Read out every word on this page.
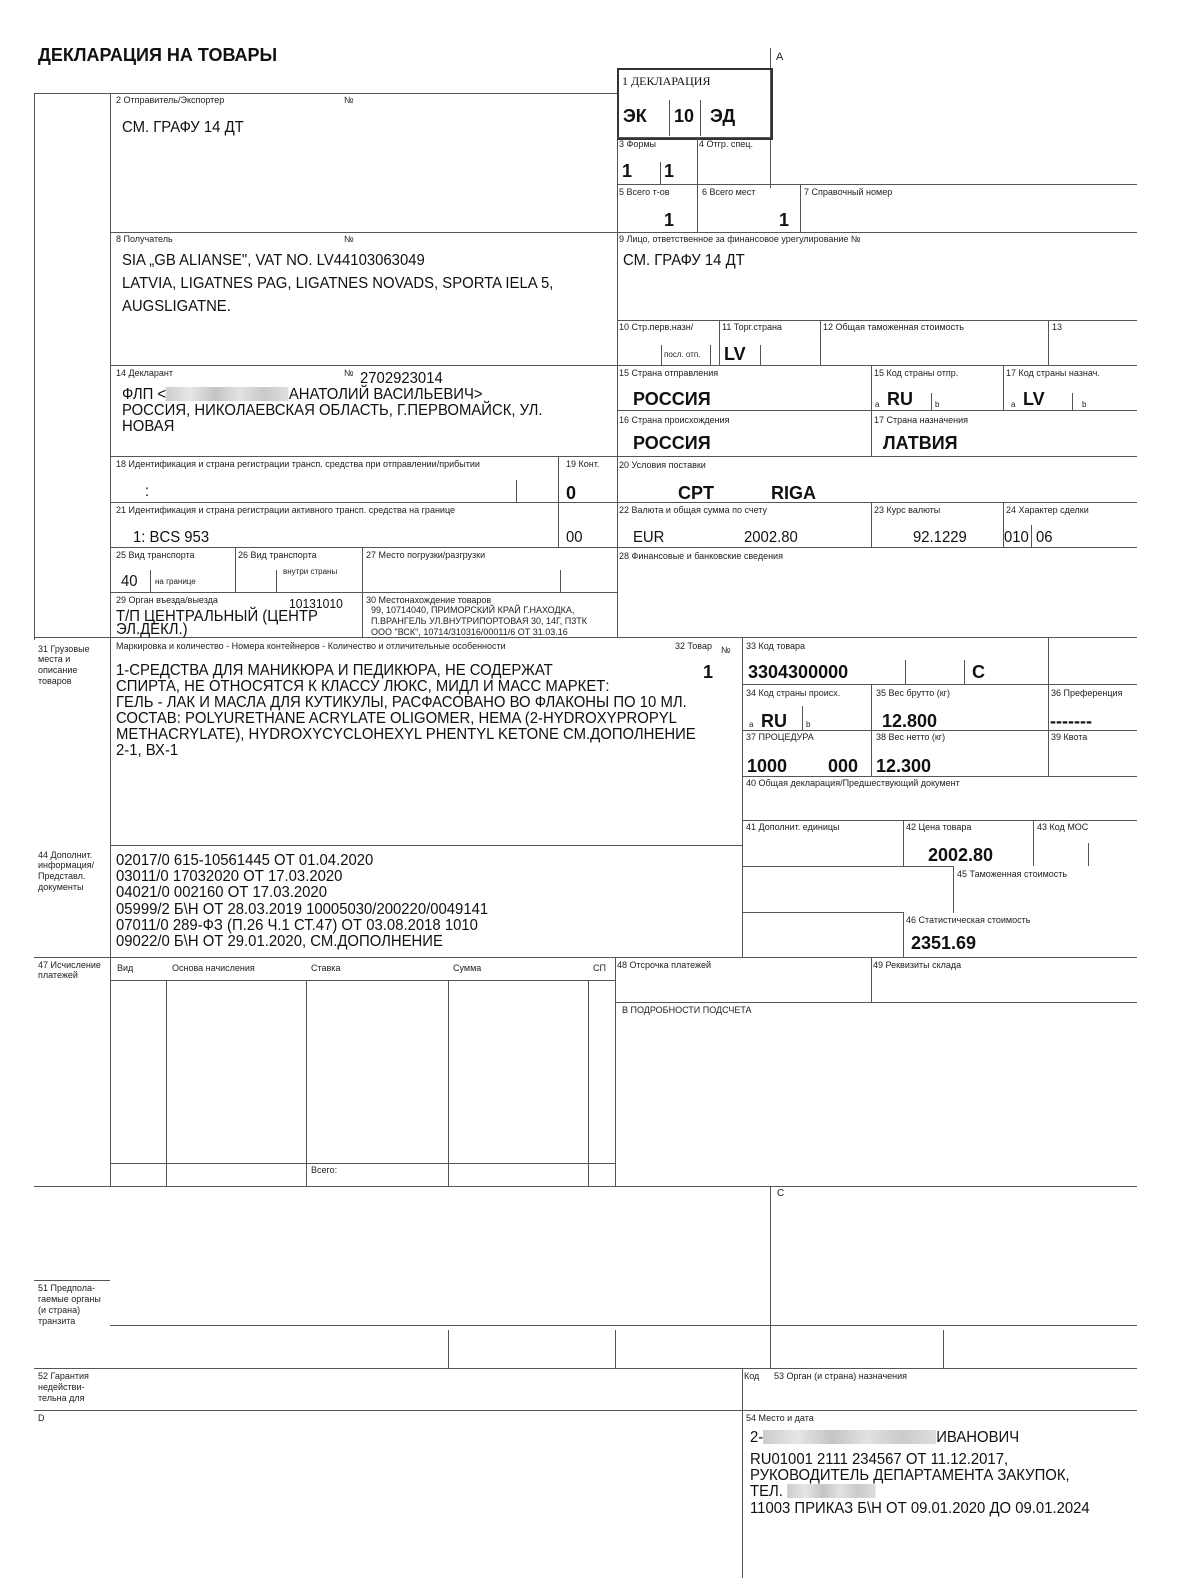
ДЕКЛАРАЦИЯ НА ТОВАРЫ	А
1 ДЕКЛАРАЦИЯ
ЭК 10 ЭД
3 Формы
1 1
4 Отгр. спец.
5 Всего т-ов
1
6 Всего мест
1
7 Справочный номер
2 Отправитель/Экспортер	№
СМ. ГРАФУ 14 ДТ
8 Получатель	№
SIA „GB ALIANSE", VAT NO. LV44103063049
LATVIA, LIGATNES PAG, LIGATNES NOVADS, SPORTA IELA 5,
AUGSLIGATNE.
9 Лицо, ответственное за финансовое урегулирование №
СМ. ГРАФУ 14 ДТ
10 Стр.перв.назн/
посл. отп.
11 Торг.страна
LV
12 Общая таможенная стоимость	13
14 Декларант	№ 2702923014
ФЛП <	АНАТОЛИЙ ВАСИЛЬЕВИЧ>
РОССИЯ, НИКОЛАЕВСКАЯ ОБЛАСТЬ, Г.ПЕРВОМАЙСК, УЛ.
НОВАЯ
15 Страна отправления
РОССИЯ
15 Код страны отпр.
a RU	b
17 Код страны назнач.
a LV	b
16 Страна происхождения
РОССИЯ
17 Страна назначения
ЛАТВИЯ
18 Идентификация и страна регистрации трансп. средства при отправлении/прибытии
:
19 Конт.
0
20 Условия поставки
CPT	RIGA
21 Идентификация и страна регистрации активного трансп. средства на границе
1: BCS 953	00
22 Валюта и общая сумма по счету
EUR	2002.80
23 Курс валюты
92.1229
24 Характер сделки
010 06
25 Вид транспорта
40 на границе
26 Вид транспорта
внутри страны
27 Место погрузки/разгрузки	28 Финансовые и банковские сведения
29 Орган въезда/выезда	10131010
Т/П ЦЕНТРАЛЬНЫЙ (ЦЕНТР
ЭЛ.ДЕКЛ.)
30 Местонахождение товаров
99, 10714040, ПРИМОРСКИЙ КРАЙ Г.НАХОДКА,
П.ВРАНГЕЛЬ УЛ.ВНУТРИПОРТОВАЯ 30, 14Г, П3ТК
ООО "ВСК", 10714/310316/00011/6 ОТ 31.03.16
31 Грузовые
места и
описание
товаров
Маркировка и количество - Номера контейнеров - Количество и отличительные особенности
1-СРЕДСТВА ДЛЯ МАНИКЮРА И ПЕДИКЮРА, НЕ СОДЕРЖАТ
СПИРТА, НЕ ОТНОСЯТСЯ К КЛАССУ ЛЮКС, МИДЛ И МАСС МАРКЕТ:
ГЕЛЬ - ЛАК И МАСЛА ДЛЯ КУТИКУЛЫ, РАСФАСОВАНО ВО ФЛАКОНЫ ПО 10 МЛ.
СОСТАВ: POLYURETHANE ACRYLATE OLIGOMER, HEMA (2-HYDROXYPROPYL
METHACRYLATE), HYDROXYCYCLOHEXYL PHENTYL KETONE СМ.ДОПОЛНЕНИЕ
2-1, ВХ-1
32 Товар №
1
33 Код товара
3304300000	С
34 Код страны происх.
a RU b
35 Вес брутто (кг)
12.800
36 Преференция
-------
37 ПРОЦЕДУРА
1000 000
38 Вес нетто (кг)
12.300
39 Квота
40 Общая декларация/Предшествующий документ
41 Дополнит. единицы	42 Цена товара
2002.80
43 Код МОС
44 Дополнит.
информация/
Представл.
документы
02017/0 615-10561445 ОТ 01.04.2020
03011/0 17032020 ОТ 17.03.2020
04021/0 002160 ОТ 17.03.2020
05999/2 Б\Н ОТ 28.03.2019 10005030/200220/0049141
07011/0 289-ФЗ (П.26 Ч.1 СТ.47) ОТ 03.08.2018 1010
09022/0 Б\Н ОТ 29.01.2020, СМ.ДОПОЛНЕНИЕ
45 Таможенная стоимость
46 Статистическая стоимость
2351.69
47 Исчисление
платежей
Вид	Основа начисления	Ставка	Сумма	СП
Всего:
48 Отсрочка платежей	49 Реквизиты склада
В ПОДРОБНОСТИ ПОДСЧЕТА
С
51 Предпола-
гаемые органы
(и страна)
транзита
52 Гарантия
недействи-
тельна для
Код 53 Орган (и страна) назначения
D	54 Место и дата
2-	ИВАНОВИЧ
RU01001 2111 234567 ОТ 11.12.2017,
РУКОВОДИТЕЛЬ ДЕПАРТАМЕНТА ЗАКУПОК,
ТЕЛ.
11003 ПРИКАЗ Б\Н ОТ 09.01.2020 ДО 09.01.2024
